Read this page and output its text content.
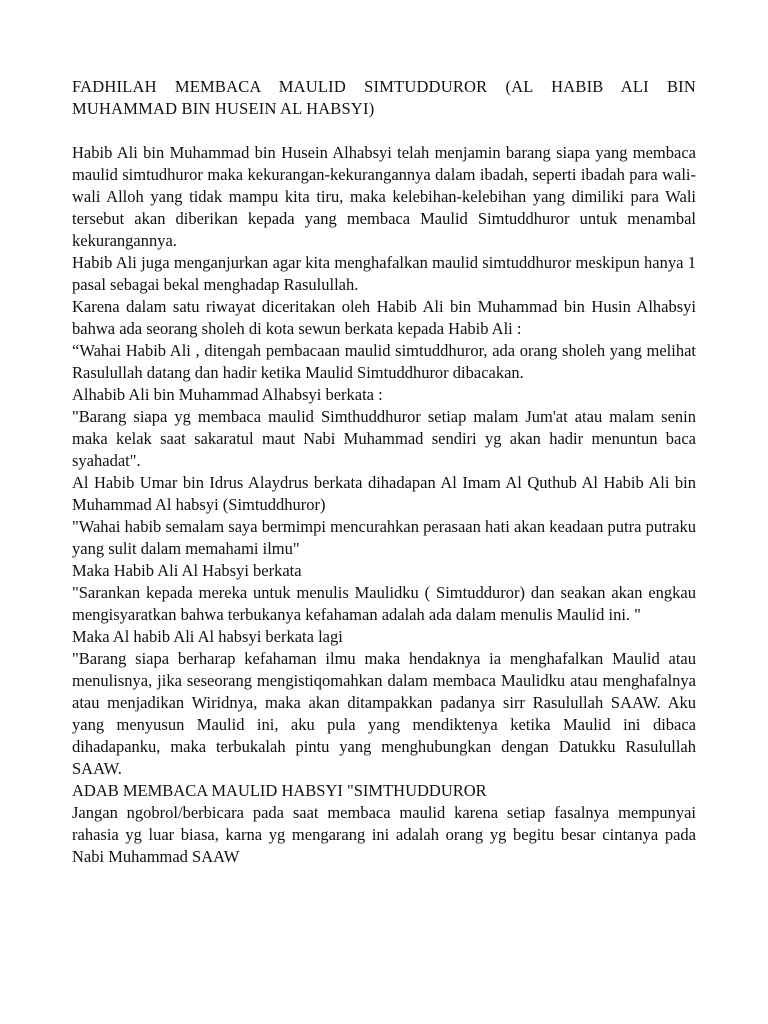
FADHILAH MEMBACA MAULID SIMTUDDUROR (AL HABIB ALI BIN MUHAMMAD BIN HUSEIN AL HABSYI)

Habib Ali bin Muhammad bin Husein Alhabsyi telah menjamin barang siapa yang membaca maulid simtudhuror maka kekurangan-kekurangannya dalam ibadah, seperti ibadah para wali-wali Alloh yang tidak mampu kita tiru, maka kelebihan-kelebihan yang dimiliki para Wali tersebut akan diberikan kepada yang membaca Maulid Simtuddhuror untuk menambal kekurangannya.

Habib Ali juga menganjurkan agar kita menghafalkan maulid simtuddhuror meskipun hanya 1 pasal sebagai bekal menghadap Rasulullah.

Karena dalam satu riwayat diceritakan oleh Habib Ali bin Muhammad bin Husin Alhabsyi bahwa ada seorang sholeh di kota sewun berkata kepada Habib Ali :

“Wahai Habib Ali , ditengah pembacaan maulid simtuddhuror, ada orang sholeh yang melihat Rasulullah datang dan hadir ketika Maulid Simtuddhuror dibacakan.

Alhabib Ali bin Muhammad Alhabsyi berkata :

"Barang siapa yg membaca maulid Simthuddhuror setiap malam Jum'at atau malam senin maka kelak saat sakaratul maut Nabi Muhammad sendiri yg akan hadir menuntun baca syahadat".

Al Habib Umar bin Idrus Alaydrus berkata dihadapan Al Imam Al Quthub Al Habib Ali bin Muhammad Al habsyi (Simtuddhuror)

"Wahai habib semalam saya bermimpi mencurahkan perasaan hati akan keadaan putra putraku yang sulit dalam memahami ilmu"

Maka Habib Ali Al Habsyi berkata

"Sarankan kepada mereka untuk menulis Maulidku ( Simtudduror) dan seakan akan engkau mengisyaratkan bahwa terbukanya kefahaman adalah ada dalam menulis Maulid ini. "

Maka Al habib Ali Al habsyi berkata lagi

"Barang siapa berharap kefahaman ilmu maka hendaknya ia menghafalkan Maulid atau menulisnya, jika seseorang mengistiqomahkan dalam membaca Maulidku atau menghafalnya atau menjadikan Wiridnya, maka akan ditampakkan padanya sirr Rasulullah SAAW. Aku yang menyusun Maulid ini, aku pula yang mendiktenya ketika Maulid ini dibaca dihadapanku, maka terbukalah pintu yang menghubungkan dengan Datukku Rasulullah SAAW.

ADAB MEMBACA MAULID HABSYI "SIMTHUDDUROR

Jangan ngobrol/berbicara pada saat membaca maulid karena setiap fasalnya mempunyai rahasia yg luar biasa, karna yg mengarang ini adalah orang yg begitu besar cintanya pada Nabi Muhammad SAAW
